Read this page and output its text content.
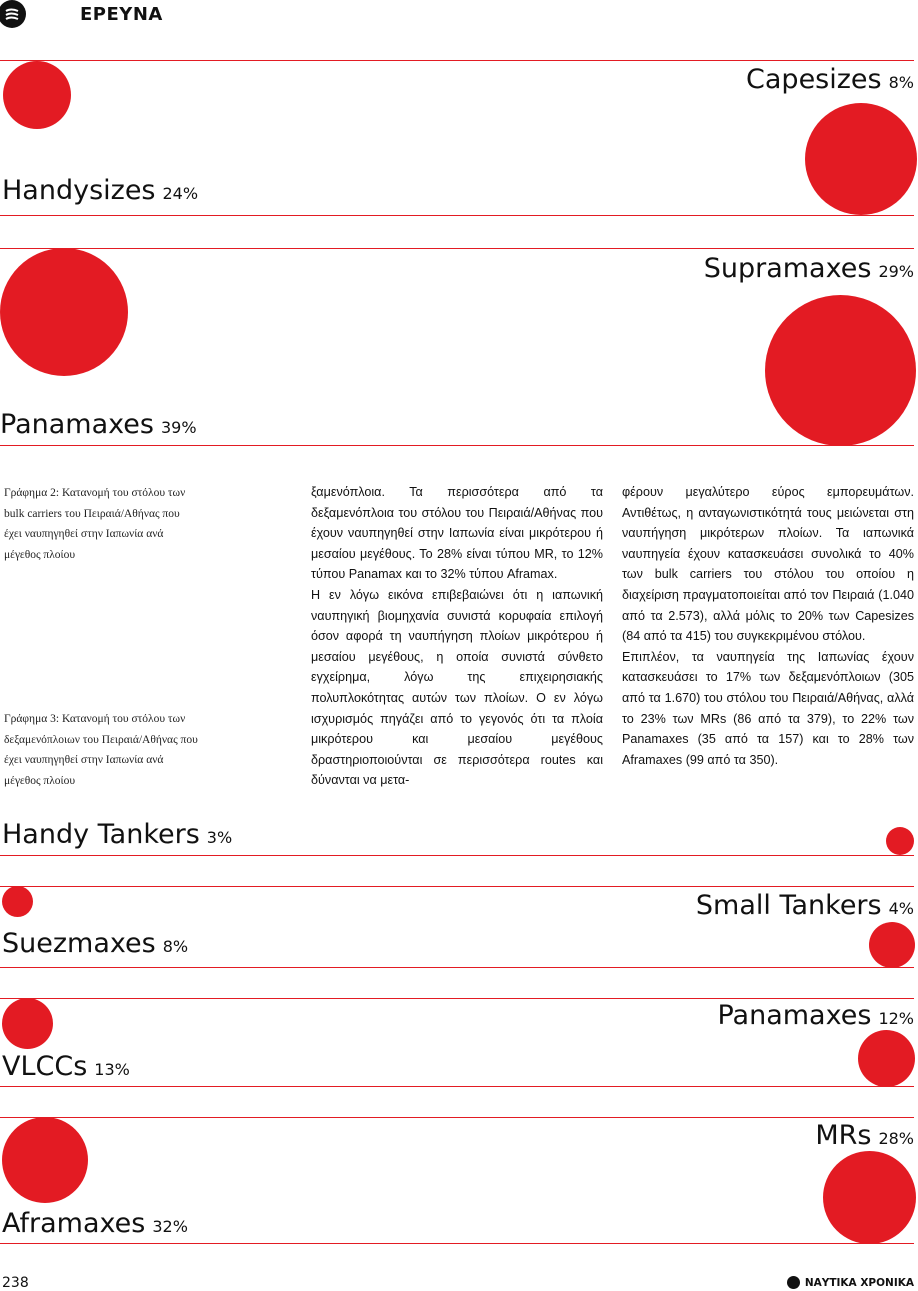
ΕΡΕΥΝΑ
Capesizes 8%
Handysizes 24%
Supramaxes 29%
Panamaxes 39%
Γράφημα 2: Κατανομή του στόλου των bulk carriers του Πειραιά/Αθήνας που έχει ναυπηγηθεί στην Ιαπωνία ανά μέγεθος πλοίου
Γράφημα 3: Κατανομή του στόλου των δεξαμενόπλοιων του Πειραιά/Αθήνας που έχει ναυπηγηθεί στην Ιαπωνία ανά μέγεθος πλοίου

ξαμενόπλοια. Τα περισσότερα από τα δεξαμενόπλοια του στόλου του Πειραιά/Αθήνας που έχουν ναυπηγηθεί στην Ιαπωνία είναι μικρότερου ή μεσαίου μεγέθους. Το 28% είναι τύπου MR, το 12% τύπου Panamax και το 32% τύπου Aframax.

Η εν λόγω εικόνα επιβεβαιώνει ότι η ιαπωνική ναυπηγική βιομηχανία συνιστά κορυφαία επιλογή όσον αφορά τη ναυπήγηση πλοίων μικρότερου ή μεσαίου μεγέθους, η οποία συνιστά σύνθετο εγχείρημα, λόγω της επιχειρησιακής πολυπλοκότητας αυτών των πλοίων. Ο εν λόγω ισχυρισμός πηγάζει από το γεγονός ότι τα πλοία μικρότερου και μεσαίου μεγέθους δραστηριοποιούνται σε περισσότερα routes και δύνανται να μετα-

φέρουν μεγαλύτερο εύρος εμπορευμάτων. Αντιθέτως, η ανταγωνιστικότητά τους μειώνεται στη ναυπήγηση μικρότερων πλοίων. Τα ιαπωνικά ναυπηγεία έχουν κατασκευάσει συνολικά το 40% των bulk carriers του στόλου του οποίου η διαχείριση πραγματοποιείται από τον Πειραιά (1.040 από τα 2.573), αλλά μόλις το 20% των Capesizes (84 από τα 415) του συγκεκριμένου στόλου.

Επιπλέον, τα ναυπηγεία της Ιαπωνίας έχουν κατασκευάσει το 17% των δεξαμενόπλοιων (305 από τα 1.670) του στόλου του Πειραιά/Αθήνας, αλλά το 23% των MRs (86 από τα 379), το 22% των Panamaxes (35 από τα 157) και το 28% των Aframaxes (99 από τα 350).

Handy Tankers 3%
Small Tankers 4%
Suezmaxes 8%
Panamaxes 12%
VLCCs 13%
MRs 28%
Aframaxes 32%
238	ΝΑΥΤΙΚΑ ΧΡΟΝΙΚΑ
